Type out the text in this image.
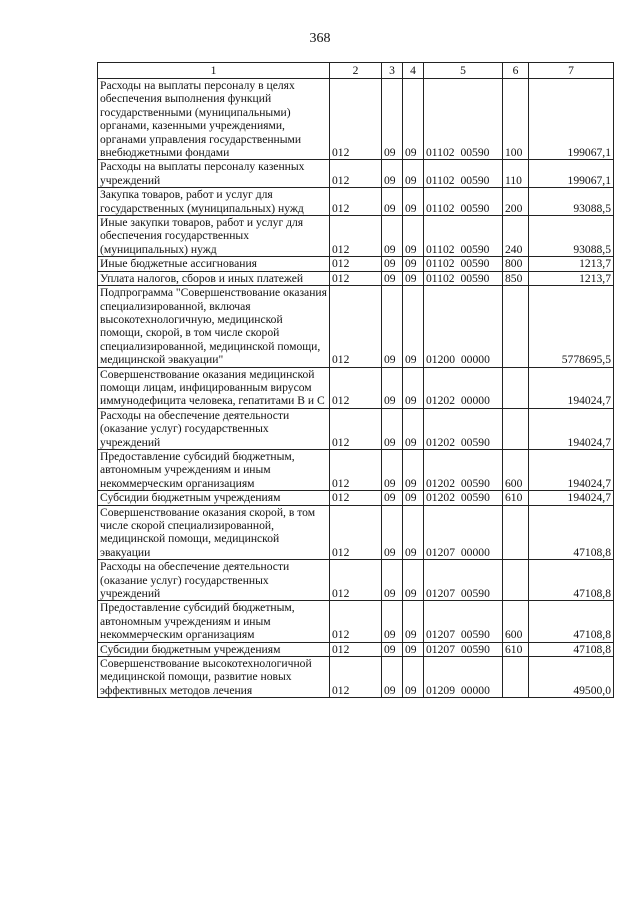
368
1	2	3	4	5	6	7
Расходы на выплаты персоналу в целях обеспечения выполнения функций государственными (муниципальными) органами, казенными учреждениями, органами управления государственными внебюджетными фондами	012	09	09	01102 00590	100	199067,1
Расходы на выплаты персоналу казенных учреждений	012	09	09	01102 00590	110	199067,1
Закупка товаров, работ и услуг для государственных (муниципальных) нужд	012	09	09	01102 00590	200	93088,5
Иные закупки товаров, работ и услуг для обеспечения государственных (муниципальных) нужд	012	09	09	01102 00590	240	93088,5
Иные бюджетные ассигнования	012	09	09	01102 00590	800	1213,7
Уплата налогов, сборов и иных платежей	012	09	09	01102 00590	850	1213,7
Подпрограмма "Совершенствование оказания специализированной, включая высокотехнологичную, медицинской помощи, скорой, в том числе скорой специализированной, медицинской помощи, медицинской эвакуации"	012	09	09	01200 00000		5778695,5
Совершенствование оказания медицинской помощи лицам, инфицированным вирусом иммунодефицита человека, гепатитами В и С	012	09	09	01202 00000		194024,7
Расходы на обеспечение деятельности (оказание услуг) государственных учреждений	012	09	09	01202 00590		194024,7
Предоставление субсидий бюджетным, автономным учреждениям и иным некоммерческим организациям	012	09	09	01202 00590	600	194024,7
Субсидии бюджетным учреждениям	012	09	09	01202 00590	610	194024,7
Совершенствование оказания скорой, в том числе скорой специализированной, медицинской помощи, медицинской эвакуации	012	09	09	01207 00000		47108,8
Расходы на обеспечение деятельности (оказание услуг) государственных учреждений	012	09	09	01207 00590		47108,8
Предоставление субсидий бюджетным, автономным учреждениям и иным некоммерческим организациям	012	09	09	01207 00590	600	47108,8
Субсидии бюджетным учреждениям	012	09	09	01207 00590	610	47108,8
Совершенствование высокотехнологичной медицинской помощи, развитие новых эффективных методов лечения	012	09	09	01209 00000		49500,0
